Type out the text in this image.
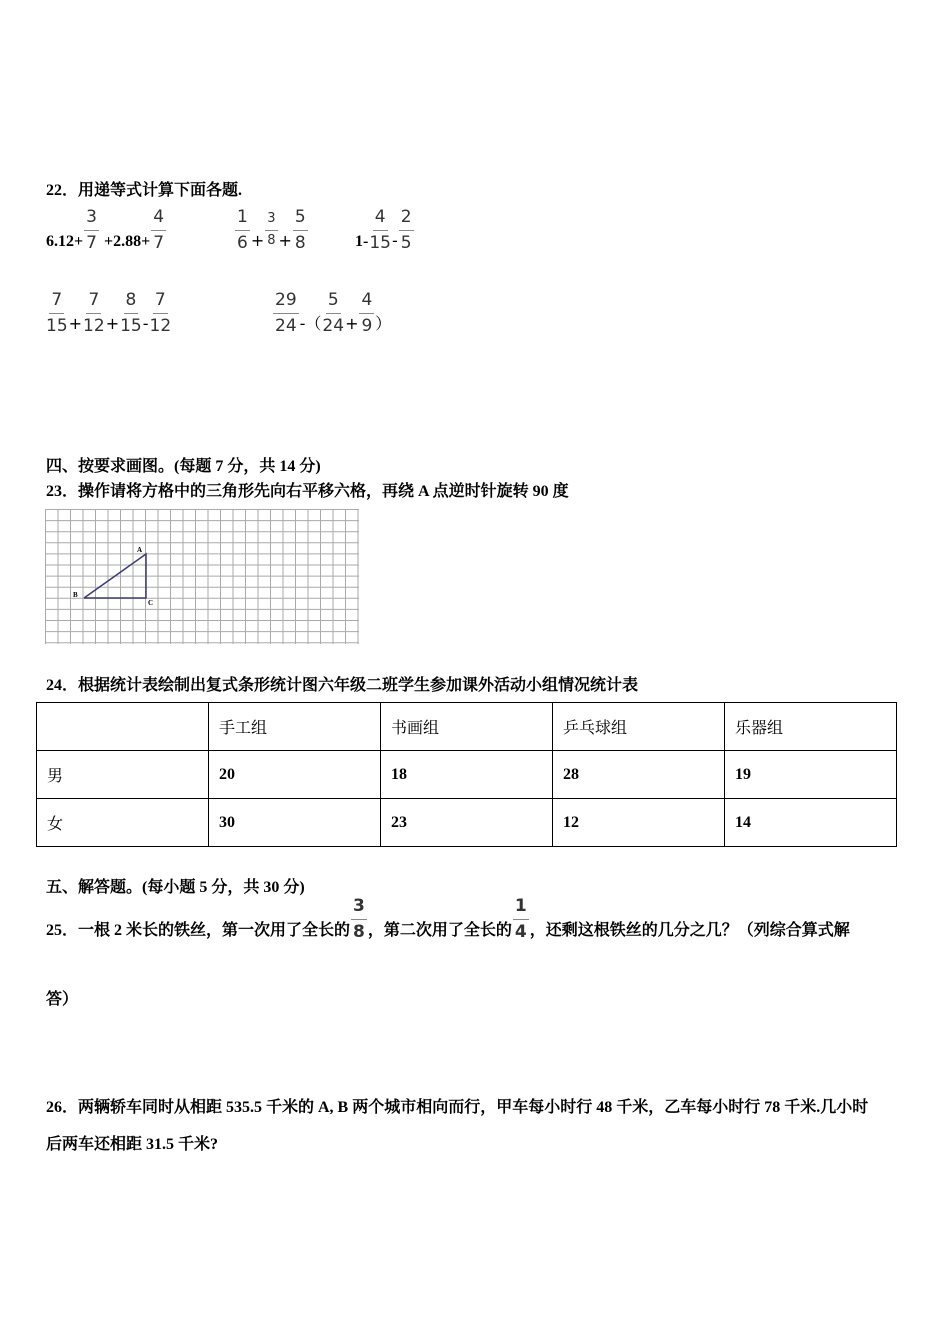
22．用递等式计算下面各题.
$6.12+ \frac{3}{7} +2.88+ \frac{4}{7}$	$\frac{1}{6} + \frac{3}{8} + \frac{5}{8}$	$1- \frac{4}{15} - \frac{2}{5}$
$\frac{7}{15} + \frac{7}{12} + \frac{8}{15} - \frac{7}{12}$	$\frac{29}{24}$ -（ $\frac{5}{24} + \frac{4}{9}$ ）
四、按要求画图。(每题 7 分，共 14 分)
23．操作请将方格中的三角形先向右平移六格，再绕 A 点逆时针旋转 90 度
A
B
C
24．根据统计表绘制出复式条形统计图六年级二班学生参加课外活动小组情况统计表
	手工组	书画组	乒乓球组	乐器组
男	20	18	28	19
女	30	23	12	14
五、解答题。(每小题 5 分，共 30 分)
25．一根 2 米长的铁丝，第一次用了全长的 $\frac{3}{8}$ ，第二次用了全长的 $\frac{1}{4}$ ，还剩这根铁丝的几分之几？（列综合算式解
答）
26．两辆轿车同时从相距 535.5 千米的 A, B 两个城市相向而行，甲车每小时行 48 千米，乙车每小时行 78 千米.几小时
后两车还相距 31.5 千米?
